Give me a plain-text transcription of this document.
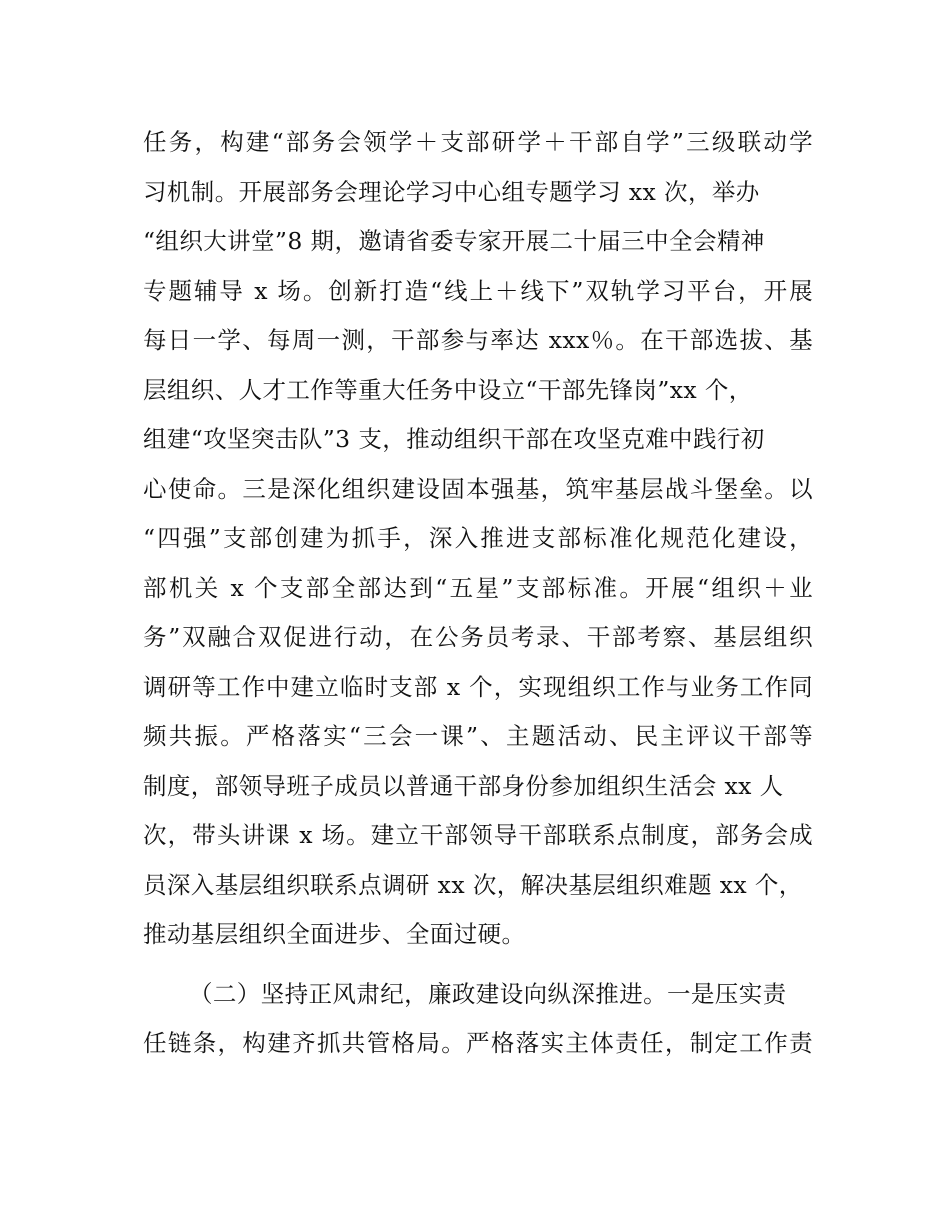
任务，构建“部务会领学＋支部研学＋干部自学”三级联动学
习机制。开展部务会理论学习中心组专题学习 xx 次，举办
“组织大讲堂”8 期，邀请省委专家开展二十届三中全会精神
专题辅导 x 场。创新打造“线上＋线下”双轨学习平台，开展
每日一学、每周一测，干部参与率达 xxx％。在干部选拔、基
层组织、人才工作等重大任务中设立“干部先锋岗”xx 个，
组建“攻坚突击队”3 支，推动组织干部在攻坚克难中践行初
心使命。三是深化组织建设固本强基，筑牢基层战斗堡垒。以
“四强”支部创建为抓手，深入推进支部标准化规范化建设，
部机关 x 个支部全部达到“五星”支部标准。开展“组织＋业
务”双融合双促进行动，在公务员考录、干部考察、基层组织
调研等工作中建立临时支部 x 个，实现组织工作与业务工作同
频共振。严格落实“三会一课”、主题活动、民主评议干部等
制度，部领导班子成员以普通干部身份参加组织生活会 xx 人
次，带头讲课 x 场。建立干部领导干部联系点制度，部务会成
员深入基层组织联系点调研 xx 次，解决基层组织难题 xx 个，
推动基层组织全面进步、全面过硬。
（二）坚持正风肃纪，廉政建设向纵深推进。一是压实责
任链条，构建齐抓共管格局。严格落实主体责任，制定工作责
